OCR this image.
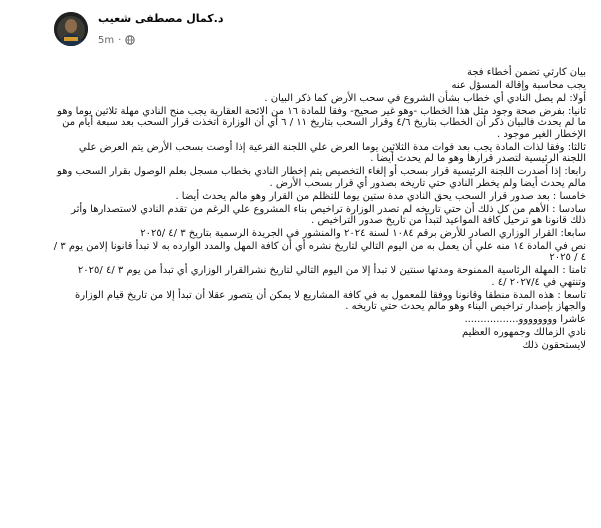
د.كمال مصطفى شعيب
5m ·

بيان كارثي تضمن أخطاء فجة

يجب محاسبة وإقالة المسؤل عنه

أولا: لم يصل النادي أي خطاب بشأن الشروع في سحب الأرض كما ذكر البيان .

ثانيا: بفرض صحة وجود مثل هذا الخطاب -وهو غير صحيح- وفقا للمادة ١٦ من الائحة العقارية يجب منح النادي مهلة ثلاثين يوما وهو ما لم يحدث فالبيان ذكر أن الخطاب بتاريخ ٤/٦ وقرار السحب بتاريخ ١١ / ٦ أي أن الوزارة اتخذت قرار السحب بعد سبعة أيام من الإخطار الغير موجود .

ثالثا: وفقا لذات المادة يجب بعد فوات مدة الثلاثين يوما العرض علي اللجنة الفرعية إذا أوصت بسحب الأرض يتم العرض علي اللجنة الرئيسية لتصدر قرارها وهو ما لم يحدث أيضا .

رابعا: إذا أصدرت اللجنة الرئيسية قرار بسحب أو إلغاء التخصيص يتم إخطار النادي بخطاب مسجل بعلم الوصول بقرار السحب وهو مالم يحدث أيضا ولم يخطر النادي حتي تاريخه بصدور أي قرار بسحب الأرض .

خامسا : بعد صدور قرار السحب يحق النادي مدة ستين يوما للتظلم من القرار وهو مالم يحدث أيضا .

سادسا : الأهم من كل ذلك أن حتي تاريخه لم تصدر الوزارة تراخيص بناء المشروع علي الرغم من تقدم النادي لاستصدارها وأثر ذلك قانونا هو ترحيل كافة المواعيد لتبدأ من تاريخ صدور التراخيص .

سابعا: القرار الوزاري الصادر للأرض برقم ١٠٨٤ لسنة ٢٠٢٤ والمنشور في الجريدة الرسمية بتاريخ ٣ /٤ /٢٠٢٥

نص في المادة ١٤ منه علي أن يعمل به من اليوم التالي لتاريخ نشره أي أن كافة المهل والمدد الوارده به لا تبدأ قانونا إلامن يوم ٣ / ٤ / ٢٠٢٥

ثامنا : المهلة الرئاسية الممنوحة ومدتها سنتين لا تبدأ إلا من اليوم التالي لتاريخ نشرالقرار الوزاري أي تبدأ من يوم ٣ /٤ /٢٠٢٥ وتنتهي في ٢٠٢٧/٤ /٤ .

تاسعا : هذه المدة منطقا وقانونا ووفقا للمعمول به في كافة المشاريع لا يمكن أن يتصور عقلا أن تبدأ إلا من تاريخ قيام الوزارة والجهاز بإصدار تراخيص البناء وهو مالم يحدث حتي تاريخه .

عاشرا وووووووو.................

نادي الزمالك وجمهوره العظيم

لايستحقون ذلك
